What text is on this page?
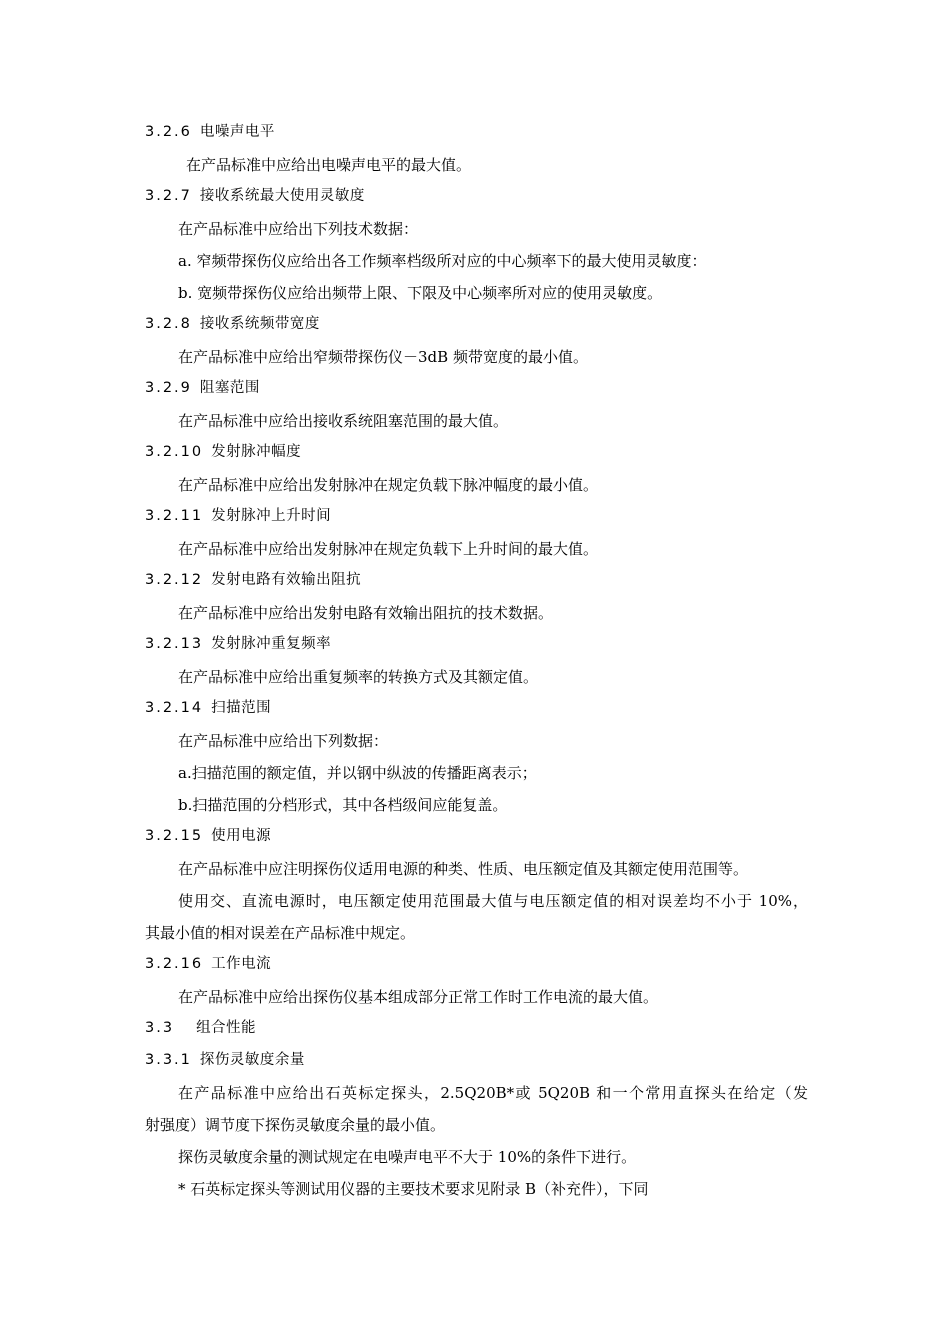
3.2.6 电噪声电平
在产品标准中应给出电噪声电平的最大值。
3.2.7 接收系统最大使用灵敏度
在产品标准中应给出下列技术数据：
a. 窄频带探伤仪应给出各工作频率档级所对应的中心频率下的最大使用灵敏度：
b. 宽频带探伤仪应给出频带上限、下限及中心频率所对应的使用灵敏度。
3.2.8 接收系统频带宽度
在产品标准中应给出窄频带探伤仪－3dB 频带宽度的最小值。
3.2.9 阻塞范围
在产品标准中应给出接收系统阻塞范围的最大值。
3.2.10 发射脉冲幅度
在产品标准中应给出发射脉冲在规定负载下脉冲幅度的最小值。
3.2.11 发射脉冲上升时间
在产品标准中应给出发射脉冲在规定负载下上升时间的最大值。
3.2.12 发射电路有效输出阻抗
在产品标准中应给出发射电路有效输出阻抗的技术数据。
3.2.13 发射脉冲重复频率
在产品标准中应给出重复频率的转换方式及其额定值。
3.2.14 扫描范围
在产品标准中应给出下列数据：
a.扫描范围的额定值，并以钢中纵波的传播距离表示；
b.扫描范围的分档形式，其中各档级间应能复盖。
3.2.15 使用电源
在产品标准中应注明探伤仪适用电源的种类、性质、电压额定值及其额定使用范围等。
使用交、直流电源时，电压额定使用范围最大值与电压额定值的相对误差均不小于 10%，
其最小值的相对误差在产品标准中规定。
3.2.16 工作电流
在产品标准中应给出探伤仪基本组成部分正常工作时工作电流的最大值。
3.3 组合性能
3.3.1 探伤灵敏度余量
在产品标准中应给出石英标定探头，2.5Q20B*或 5Q20B 和一个常用直探头在给定（发
射强度）调节度下探伤灵敏度余量的最小值。
探伤灵敏度余量的测试规定在电噪声电平不大于 10%的条件下进行。
* 石英标定探头等测试用仪器的主要技术要求见附录 B（补充件），下同
